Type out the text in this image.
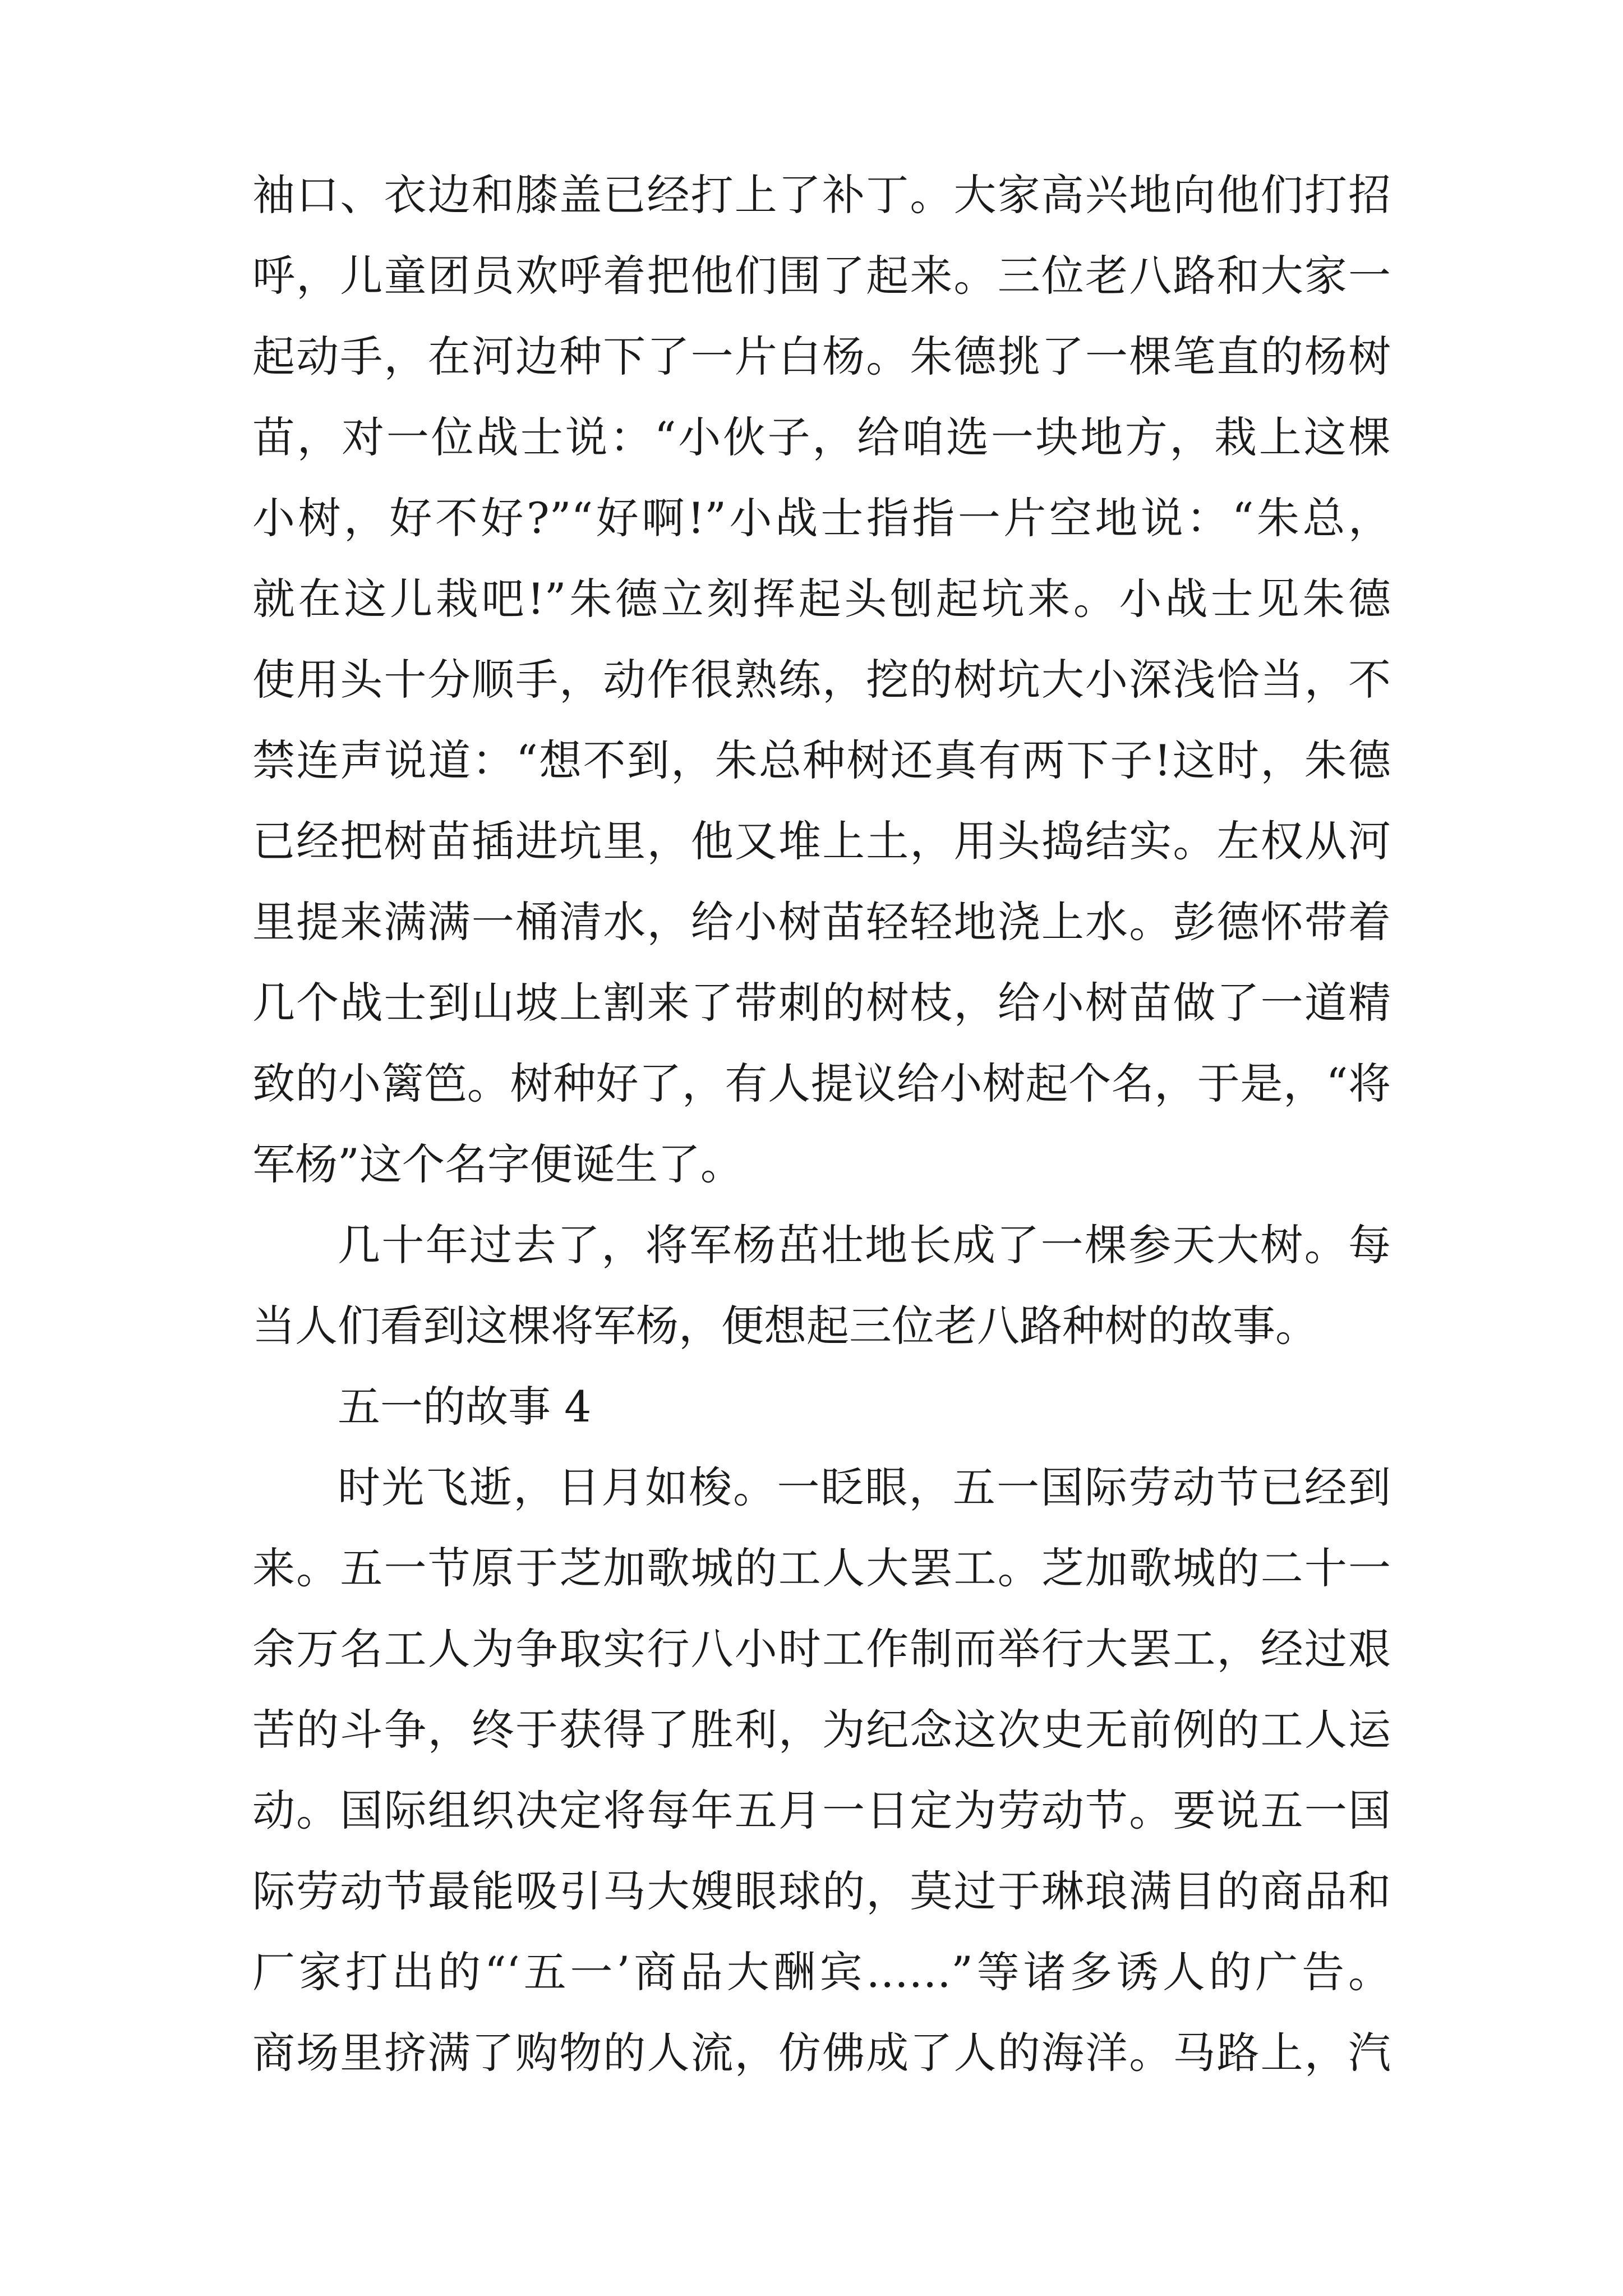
袖口、衣边和膝盖已经打上了补丁。大家高兴地向他们打招
呼，儿童团员欢呼着把他们围了起来。三位老八路和大家一
起动手，在河边种下了一片白杨。朱德挑了一棵笔直的杨树
苗，对一位战士说：“小伙子，给咱选一块地方，栽上这棵
小树，好不好?”“好啊!”小战士指指一片空地说：“朱总，
就在这儿栽吧!”朱德立刻挥起头刨起坑来。小战士见朱德
使用头十分顺手，动作很熟练，挖的树坑大小深浅恰当，不
禁连声说道：“想不到，朱总种树还真有两下子!这时，朱德
已经把树苗插进坑里，他又堆上土，用头捣结实。左权从河
里提来满满一桶清水，给小树苗轻轻地浇上水。彭德怀带着
几个战士到山坡上割来了带刺的树枝，给小树苗做了一道精
致的小篱笆。树种好了，有人提议给小树起个名，于是，“将
军杨”这个名字便诞生了。
几十年过去了，将军杨茁壮地长成了一棵参天大树。每
当人们看到这棵将军杨，便想起三位老八路种树的故事。
五一的故事 4
时光飞逝，日月如梭。一眨眼，五一国际劳动节已经到
来。五一节原于芝加歌城的工人大罢工。芝加歌城的二十一
余万名工人为争取实行八小时工作制而举行大罢工，经过艰
苦的斗争，终于获得了胜利，为纪念这次史无前例的工人运
动。国际组织决定将每年五月一日定为劳动节。要说五一国
际劳动节最能吸引马大嫂眼球的，莫过于琳琅满目的商品和
厂家打出的“‘五一’商品大酬宾……”等诸多诱人的广告。
商场里挤满了购物的人流，仿佛成了人的海洋。马路上，汽
